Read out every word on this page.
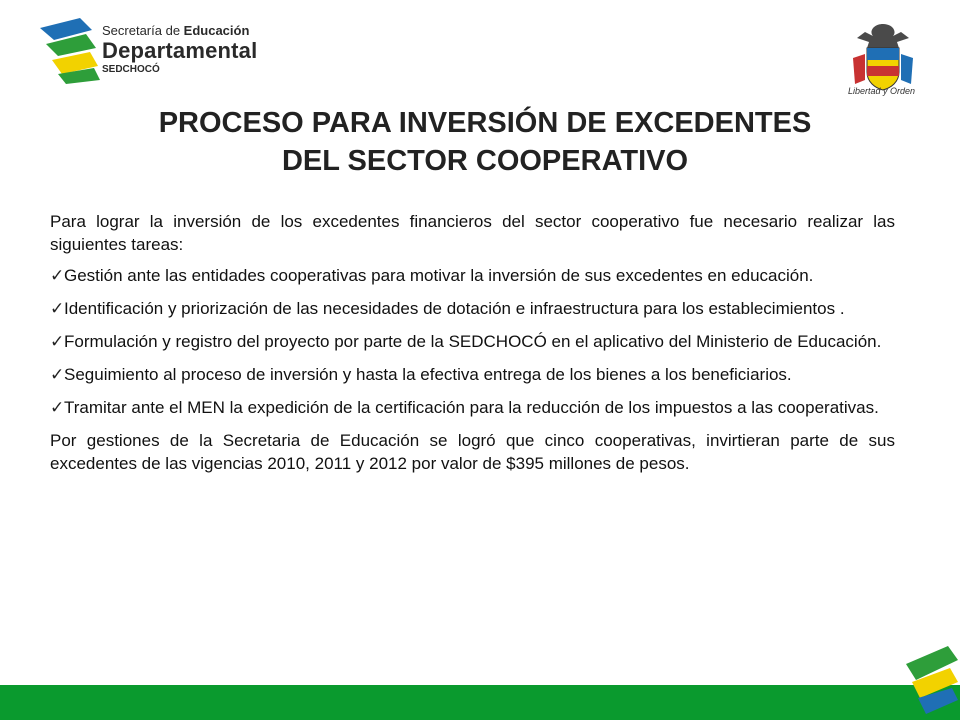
Secretaría de Educación
Departamental
SEDCHOCÓ
Libertad y Orden
PROCESO PARA INVERSIÓN DE EXCEDENTES
DEL SECTOR COOPERATIVO

Para lograr la inversión de los excedentes financieros del sector cooperativo fue necesario realizar las siguientes tareas:

✓Gestión ante las entidades cooperativas para motivar la inversión de sus excedentes en educación.
✓Identificación y priorización de las necesidades de dotación e infraestructura para los establecimientos .
✓Formulación y registro del proyecto por parte de la SEDCHOCÓ en el aplicativo del Ministerio de Educación.
✓Seguimiento al proceso de inversión y hasta la efectiva entrega de los bienes a los beneficiarios.
✓Tramitar ante el MEN la expedición de la certificación para la reducción de los impuestos a las cooperativas.

Por gestiones de la Secretaria de Educación se logró que cinco cooperativas, invirtieran parte de sus excedentes de las vigencias 2010, 2011 y 2012 por valor de $395 millones de pesos.
